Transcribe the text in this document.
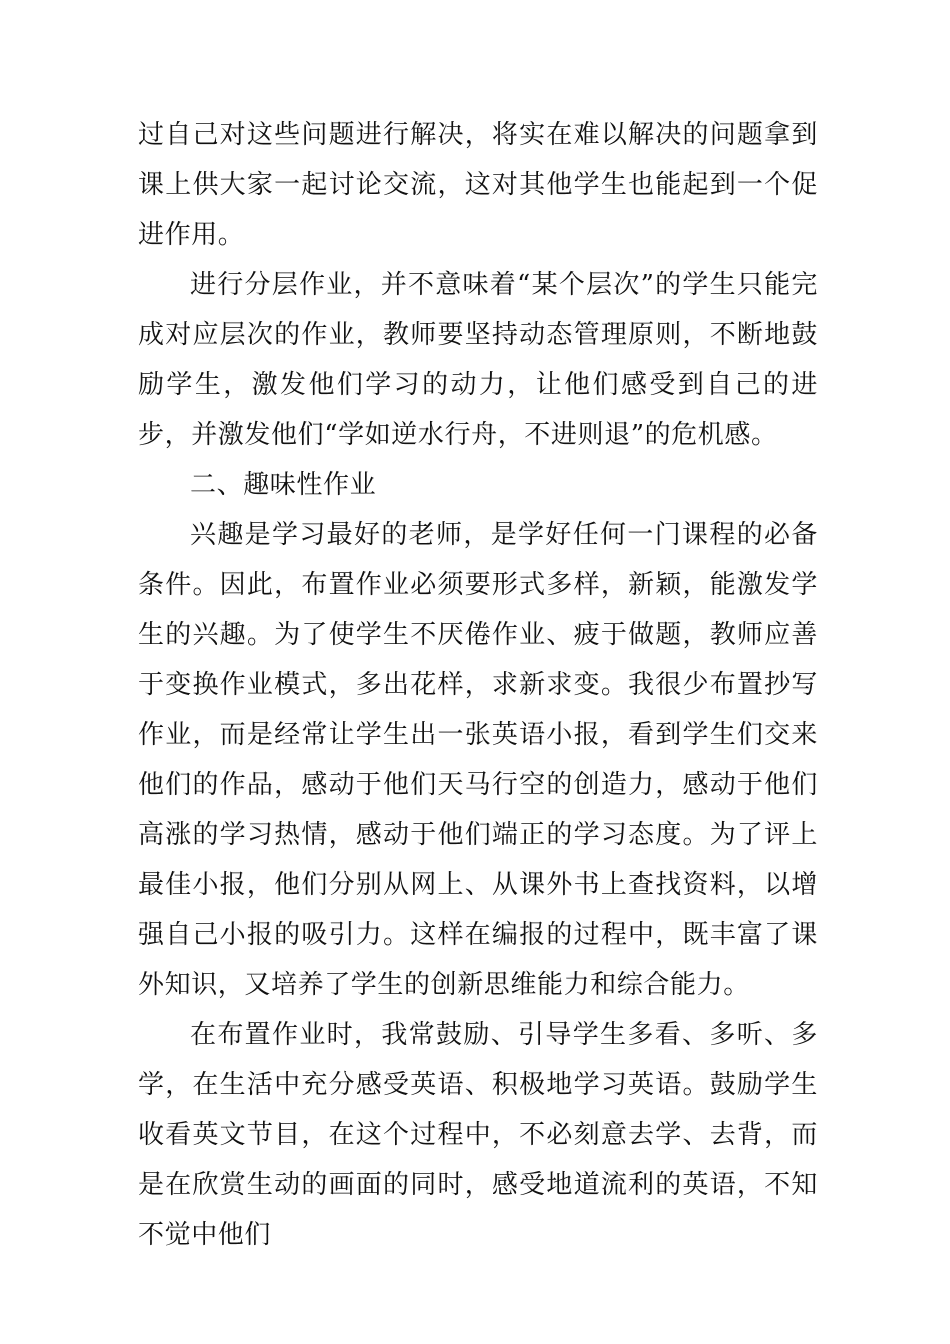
过自己对这些问题进行解决，将实在难以解决的问题拿到课上供大家一起讨论交流，这对其他学生也能起到一个促进作用。

进行分层作业，并不意味着“某个层次”的学生只能完成对应层次的作业，教师要坚持动态管理原则，不断地鼓励学生，激发他们学习的动力，让他们感受到自己的进步，并激发他们“学如逆水行舟，不进则退”的危机感。

二、趣味性作业

兴趣是学习最好的老师，是学好任何一门课程的必备条件。因此，布置作业必须要形式多样，新颖，能激发学生的兴趣。为了使学生不厌倦作业、疲于做题，教师应善于变换作业模式，多出花样，求新求变。我很少布置抄写作业，而是经常让学生出一张英语小报，看到学生们交来他们的作品，感动于他们天马行空的创造力，感动于他们高涨的学习热情，感动于他们端正的学习态度。为了评上最佳小报，他们分别从网上、从课外书上查找资料，以增强自己小报的吸引力。这样在编报的过程中，既丰富了课外知识，又培养了学生的创新思维能力和综合能力。

在布置作业时，我常鼓励、引导学生多看、多听、多学，在生活中充分感受英语、积极地学习英语。鼓励学生收看英文节目，在这个过程中，不必刻意去学、去背，而是在欣赏生动的画面的同时，感受地道流利的英语，不知不觉中他们
